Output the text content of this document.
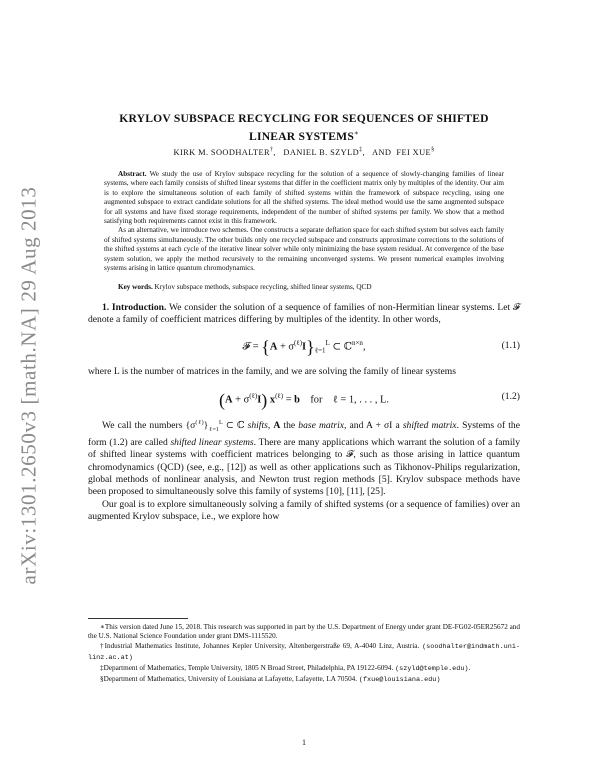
arXiv:1301.2650v3 [math.NA] 29 Aug 2013
KRYLOV SUBSPACE RECYCLING FOR SEQUENCES OF SHIFTED
LINEAR SYSTEMS∗
KIRK M. SOODHALTER†,   DANIEL B. SZYLD‡,   AND FEI XUE§

Abstract. We study the use of Krylov subspace recycling for the solution of a sequence of slowly-changing families of linear systems, where each family consists of shifted linear systems that differ in the coefficient matrix only by multiples of the identity. Our aim is to explore the simultaneous solution of each family of shifted systems within the framework of subspace recycling, using one augmented subspace to extract candidate solutions for all the shifted systems. The ideal method would use the same augmented subspace for all systems and have fixed storage requirements, independent of the number of shifted systems per family. We show that a method satisfying both requirements cannot exist in this framework.

As an alternative, we introduce two schemes. One constructs a separate deflation space for each shifted system but solves each family of shifted systems simultaneously. The other builds only one recycled subspace and constructs approximate corrections to the solutions of the shifted systems at each cycle of the iterative linear solver while only minimizing the base system residual. At convergence of the base system solution, we apply the method recursively to the remaining unconverged systems. We present numerical examples involving systems arising in lattice quantum chromodynamics.

Key words. Krylov subspace methods, subspace recycling, shifted linear systems, QCD

1. Introduction. We consider the solution of a sequence of families of non-Hermitian linear systems. Let 𝓕 denote a family of coefficient matrices differing by multiples of the identity. In other words,

𝓕 = $\{A + \sigma^{(\ell)}I\}_{\ell=1}^L$ ⊂ ℂ$^{n\times n}$,	(1.1)

where L is the number of matrices in the family, and we are solving the family of linear systems

$(A + \sigma^{(\ell)}I)$ $x^{(\ell)} = b$    for    ℓ = 1, . . . , L.	(1.2)

We call the numbers $\{\sigma^{(\ell)}\}_{\ell=1}^L$ ⊂ ℂ shifts, A the base matrix, and A + σI a shifted matrix. Systems of the form (1.2) are called shifted linear systems. There are many applications which warrant the solution of a family of shifted linear systems with coefficient matrices belonging to 𝓕, such as those arising in lattice quantum chromodynamics (QCD) (see, e.g., [12]) as well as other applications such as Tikhonov-Philips regularization, global methods of nonlinear analysis, and Newton trust region methods [5]. Krylov subspace methods have been proposed to simultaneously solve this family of systems [10], [11], [25].

Our goal is to explore simultaneously solving a family of shifted systems (or a sequence of families) over an augmented Krylov subspace, i.e., we explore how

∗This version dated June 15, 2018. This research was supported in part by the U.S. Department of Energy under grant DE-FG02-05ER25672 and the U.S. National Science Foundation under grant DMS-1115520.

†Industrial Mathematics Institute, Johannes Kepler University, Altenbergerstraße 69, A-4040 Linz, Austria. (soodhalter@indmath.uni-linz.ac.at)

‡Department of Mathematics, Temple University, 1805 N Broad Street, Philadelphia, PA 19122-6094. (szyld@temple.edu).

§Department of Mathematics, University of Louisiana at Lafayette, Lafayette, LA 70504. (fxue@louisiana.edu)

1
